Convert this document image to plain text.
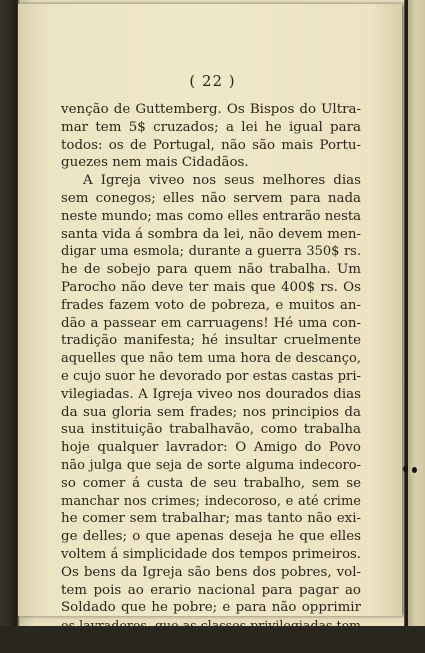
( 22 )
venção de Guttemberg. Os Bispos do Ultra-
mar tem 5$ cruzados; a lei he igual para
todos: os de Portugal, não são mais Portu-
guezes nem mais Cidadãos.
A Igreja viveo nos seus melhores dias
sem conegos; elles não servem para nada
neste mundo; mas como elles entrarão nesta
santa vida á sombra da lei, não devem men-
digar uma esmola; durante a guerra 350$ rs.
he de sobejo para quem não trabalha. Um
Parocho não deve ter mais que 400$ rs. Os
frades fazem voto de pobreza, e muitos an-
dão a passear em carruagens! Hé uma con-
tradição manifesta; hé insultar cruelmente
aquelles que não tem uma hora de descanço,
e cujo suor he devorado por estas castas pri-
vilegiadas. A Igreja viveo nos dourados dias
da sua gloria sem frades; nos principios da
sua instituição trabalhavão, como trabalha
hoje qualquer lavrador: O Amigo do Povo
não julga que seja de sorte alguma indecoro-
so comer á custa de seu trabalho, sem se
manchar nos crimes; indecoroso, e até crime
he comer sem trabalhar; mas tanto não exi-
ge delles; o que apenas deseja he que elles
voltem á simplicidade dos tempos primeiros.
Os bens da Igreja são bens dos pobres, vol-
tem pois ao erario nacional para pagar ao
Soldado que he pobre; e para não opprimir
os lavradores, que as classes privilegiadas tem
reduzido á ultima desgraça.
